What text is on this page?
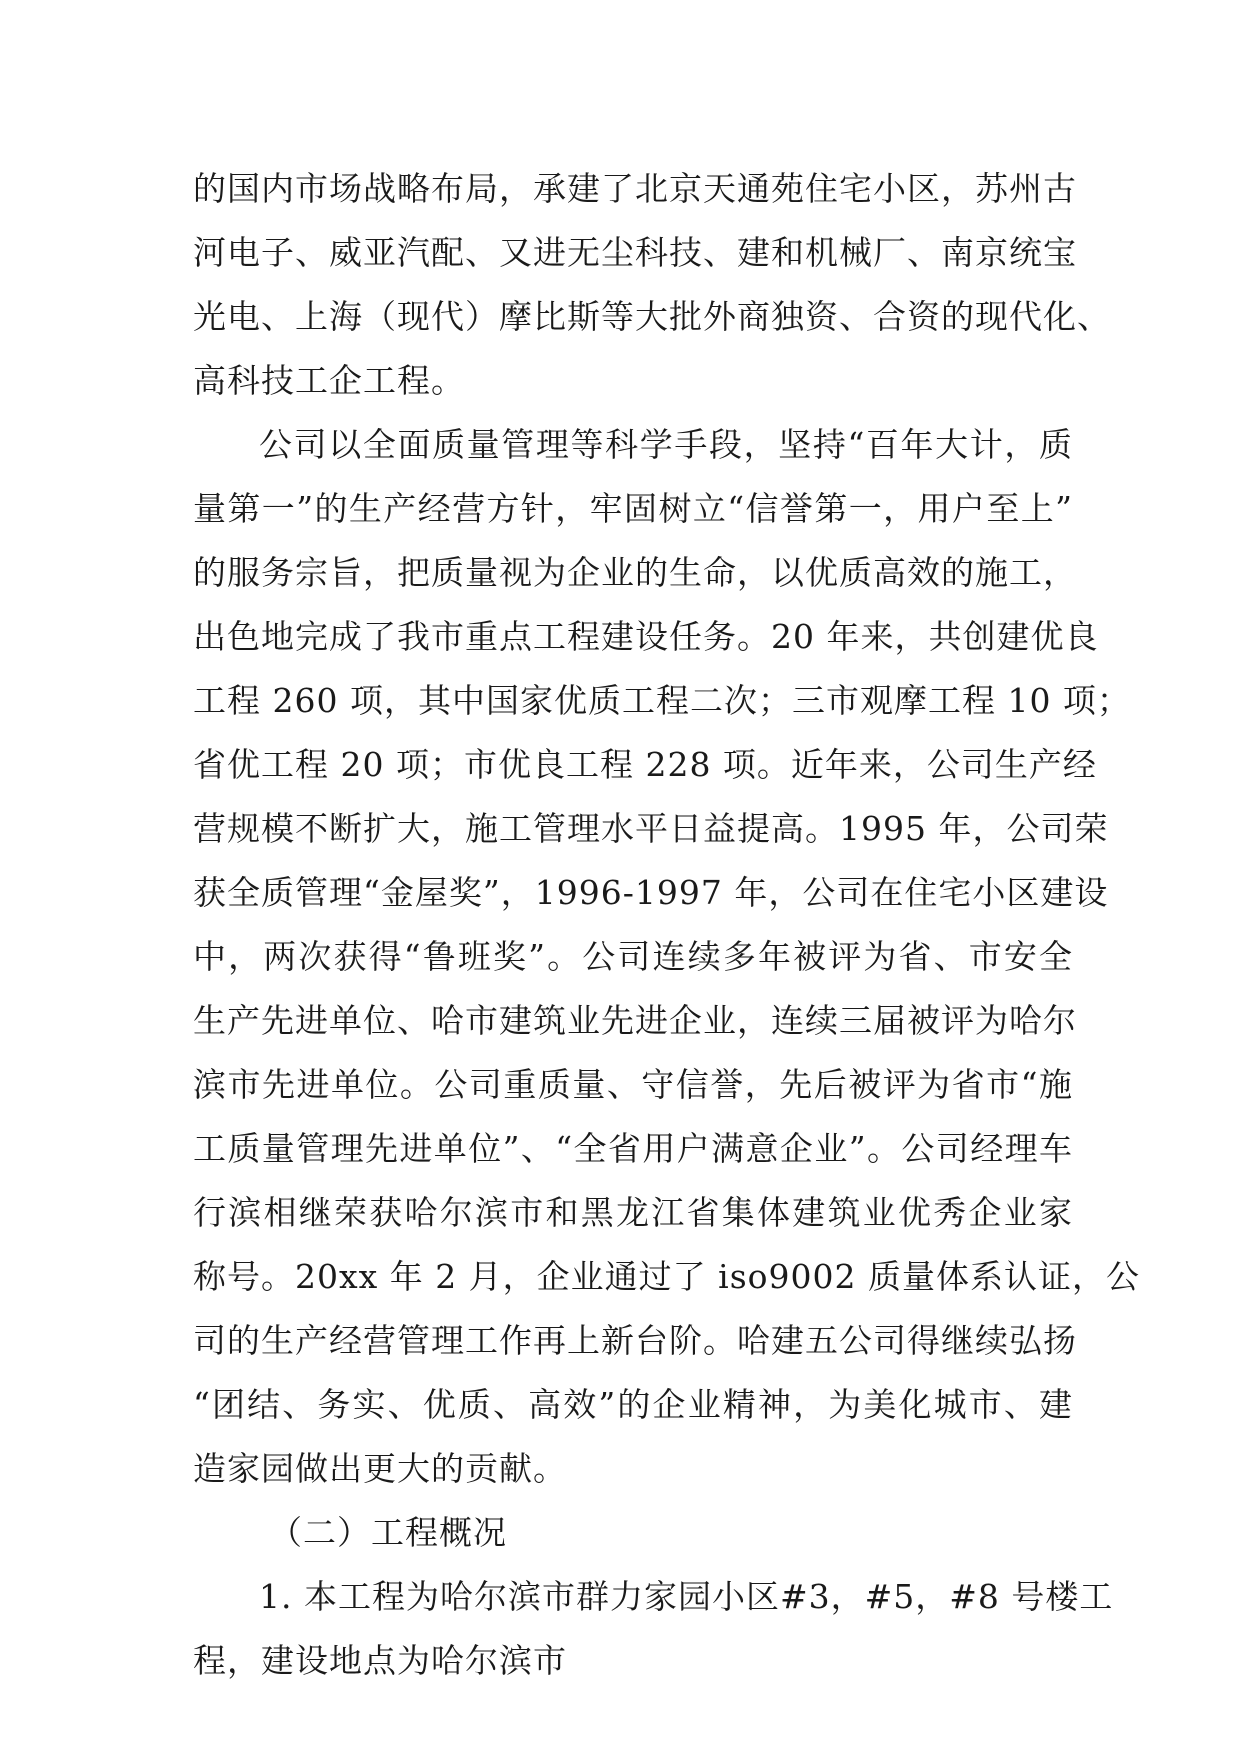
的国内市场战略布局，承建了北京天通苑住宅小区，苏州古
河电子、威亚汽配、又进无尘科技、建和机械厂、南京统宝
光电、上海（现代）摩比斯等大批外商独资、合资的现代化、
高科技工企工程。
公司以全面质量管理等科学手段，坚持“百年大计，质
量第一”的生产经营方针，牢固树立“信誉第一，用户至上”
的服务宗旨，把质量视为企业的生命，以优质高效的施工，
出色地完成了我市重点工程建设任务。20 年来，共创建优良
工程 260 项，其中国家优质工程二次；三市观摩工程 10 项；
省优工程 20 项；市优良工程 228 项。近年来，公司生产经
营规模不断扩大，施工管理水平日益提高。1995 年，公司荣
获全质管理“金屋奖”，1996-1997 年，公司在住宅小区建设
中，两次获得“鲁班奖”。公司连续多年被评为省、市安全
生产先进单位、哈市建筑业先进企业，连续三届被评为哈尔
滨市先进单位。公司重质量、守信誉，先后被评为省市“施
工质量管理先进单位”、“全省用户满意企业”。公司经理车
行滨相继荣获哈尔滨市和黑龙江省集体建筑业优秀企业家
称号。20xx 年 2 月，企业通过了 iso9002 质量体系认证，公
司的生产经营管理工作再上新台阶。哈建五公司得继续弘扬
“团结、务实、优质、高效”的企业精神，为美化城市、建
造家园做出更大的贡献。
（二）工程概况
1. 本工程为哈尔滨市群力家园小区#3，#5，#8 号楼工
程，建设地点为哈尔滨市
